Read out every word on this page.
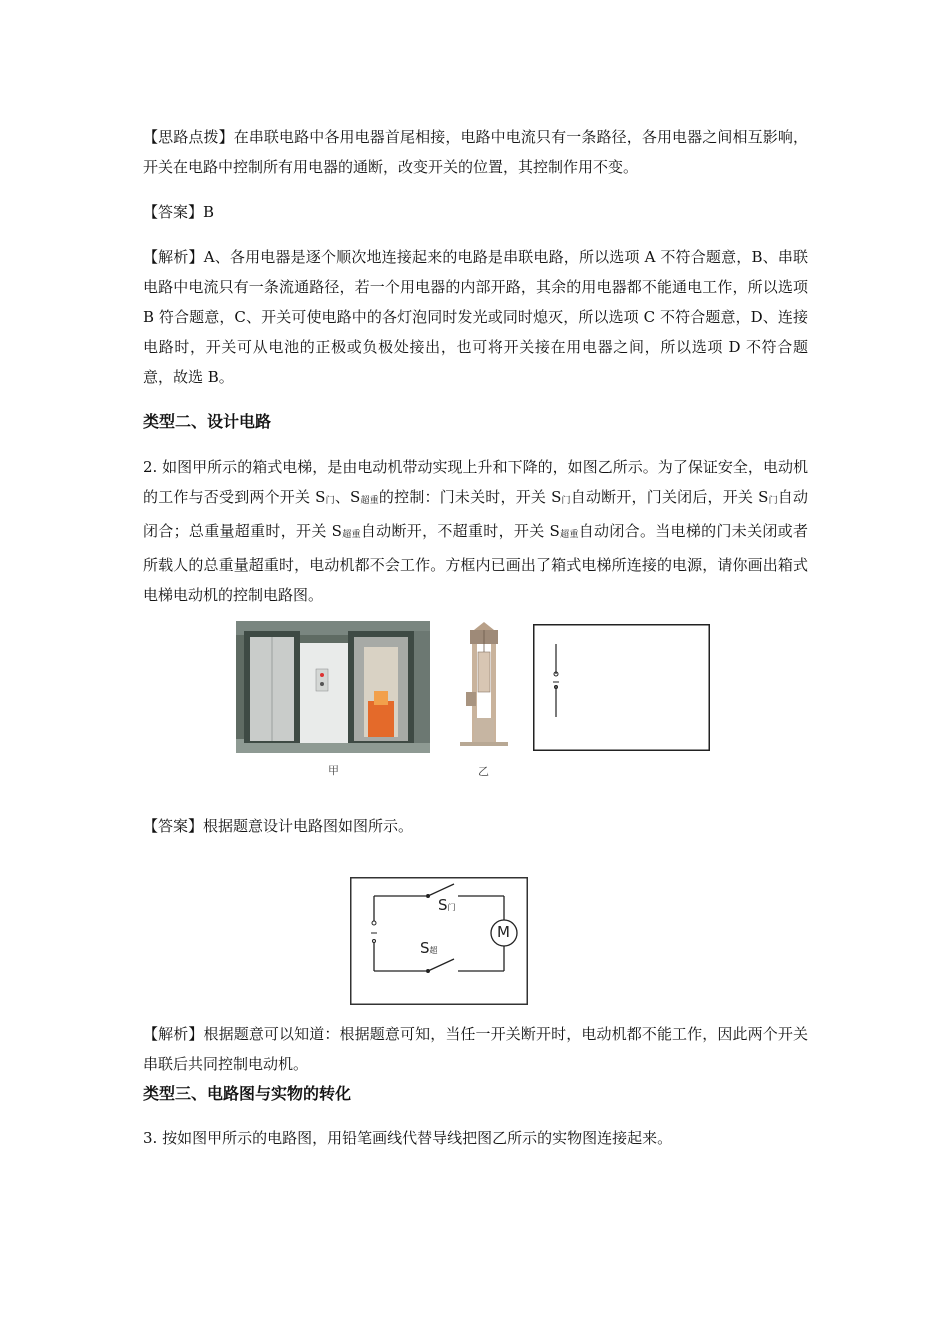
【思路点拨】在串联电路中各用电器首尾相接，电路中电流只有一条路径，各用电器之间相互影响，开关在电路中控制所有用电器的通断，改变开关的位置，其控制作用不变。

【答案】B

【解析】A、各用电器是逐个顺次地连接起来的电路是串联电路，所以选项 A 不符合题意，B、串联电路中电流只有一条流通路径，若一个用电器的内部开路，其余的用电器都不能通电工作，所以选项 B 符合题意，C、开关可使电路中的各灯泡同时发光或同时熄灭，所以选项 C 不符合题意，D、连接电路时，开关可从电池的正极或负极处接出，也可将开关接在用电器之间，所以选项 D 不符合题意，故选 B。

类型二、设计电路

2. 如图甲所示的箱式电梯，是由电动机带动实现上升和下降的，如图乙所示。为了保证安全，电动机的工作与否受到两个开关 S门、S超重的控制：门未关时，开关 S门自动断开，门关闭后，开关 S门自动闭合；总重量超重时，开关 S超重自动断开，不超重时，开关 S超重自动闭合。当电梯的门未关闭或者所载人的总重量超重时，电动机都不会工作。方框内已画出了箱式电梯所连接的电源，请你画出箱式电梯电动机的控制电路图。

甲	乙

【答案】根据题意设计电路图如图所示。

S门
S超
M

【解析】根据题意可以知道：根据题意可知，当任一开关断开时，电动机都不能工作，因此两个开关串联后共同控制电动机。

类型三、电路图与实物的转化

3. 按如图甲所示的电路图，用铅笔画线代替导线把图乙所示的实物图连接起来。
